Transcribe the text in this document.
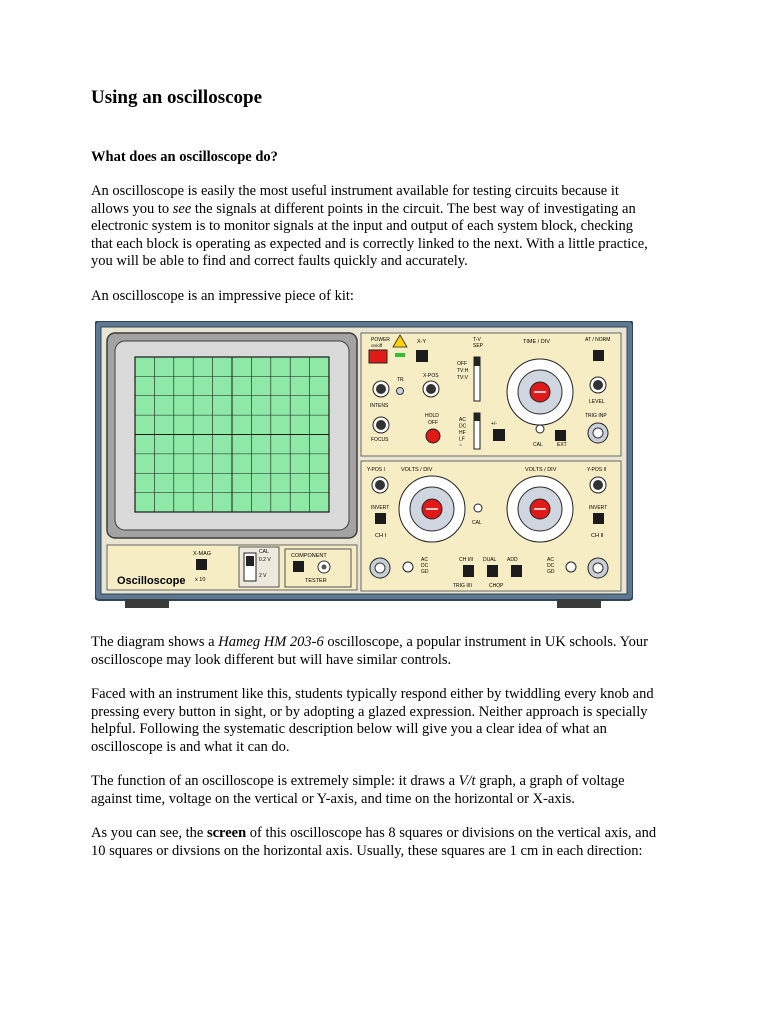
Using an oscilloscope
What does an oscilloscope do?
An oscilloscope is easily the most useful instrument available for testing circuits because it
allows you to see the signals at different points in the circuit. The best way of investigating an
electronic system is to monitor signals at the input and output of each system block, checking
that each block is operating as expected and is correctly linked to the next. With a little practice,
you will be able to find and correct faults quickly and accurately.
An oscilloscope is an impressive piece of kit:
The diagram shows a Hameg HM 203-6 oscilloscope, a popular instrument in UK schools. Your
oscilloscope may look different but will have similar controls.
Faced with an instrument like this, students typically respond either by twiddling every knob and
pressing every button in sight, or by adopting a glazed expression. Neither approach is specially
helpful. Following the systematic description below will give you a clear idea of what an
oscilloscope is and what it can do.
The function of an oscilloscope is extremely simple: it draws a V/t graph, a graph of voltage
against time, voltage on the vertical or Y-axis, and time on the horizontal or X-axis.
As you can see, the screen of this oscilloscope has 8 squares or divisions on the vertical axis, and
10 squares or divsions on the horizontal axis. Usually, these squares are 1 cm in each direction:
Oscilloscope
X-MAG
x 10
CAL
0.2 V
2 V
COMPONENT
TESTER
POWER
on/off
X-Y
TR
INTENS
FOCUS
X-POS
HOLD
OFF
T-V
SEP
OFF
TV:H
TV:V
AC
DC
HF
LF
~
+/-
TIME / DIV
CAL	EXT
AT / NORM
LEVEL
TRIG INP
Y-POS I
INVERT
CH I
AC
DC
GD
VOLTS / DIV
CAL
VOLTS / DIV	Y-POS II
INVERT
CH II
AC
DC
GD
CH I/II DUAL ADD
TRIG I/II	CHOP
